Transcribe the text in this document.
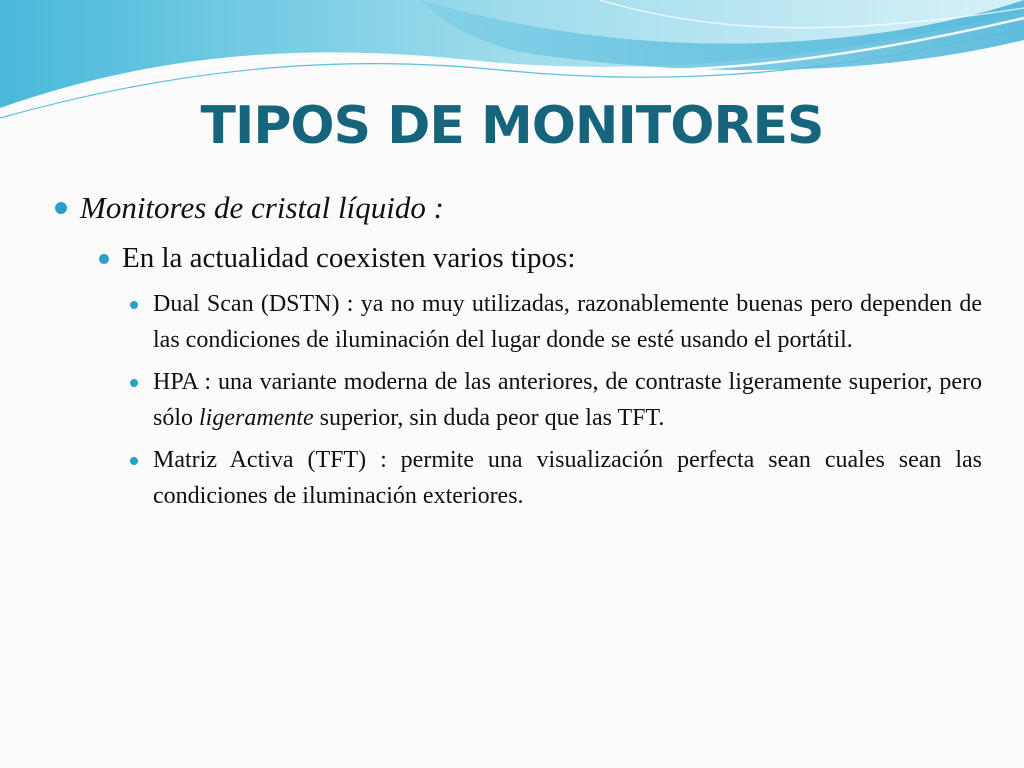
TIPOS DE MONITORES
Monitores de cristal líquido :
En la actualidad coexisten varios tipos:
Dual Scan (DSTN) : ya no muy utilizadas, razonablemente buenas pero dependen de las condiciones de iluminación del lugar donde se esté usando el portátil.
HPA : una variante moderna de las anteriores, de contraste ligeramente superior, pero sólo ligeramente superior, sin duda peor que las TFT.
Matriz Activa (TFT) : permite una visualización perfecta sean cuales sean las condiciones de iluminación exteriores.
